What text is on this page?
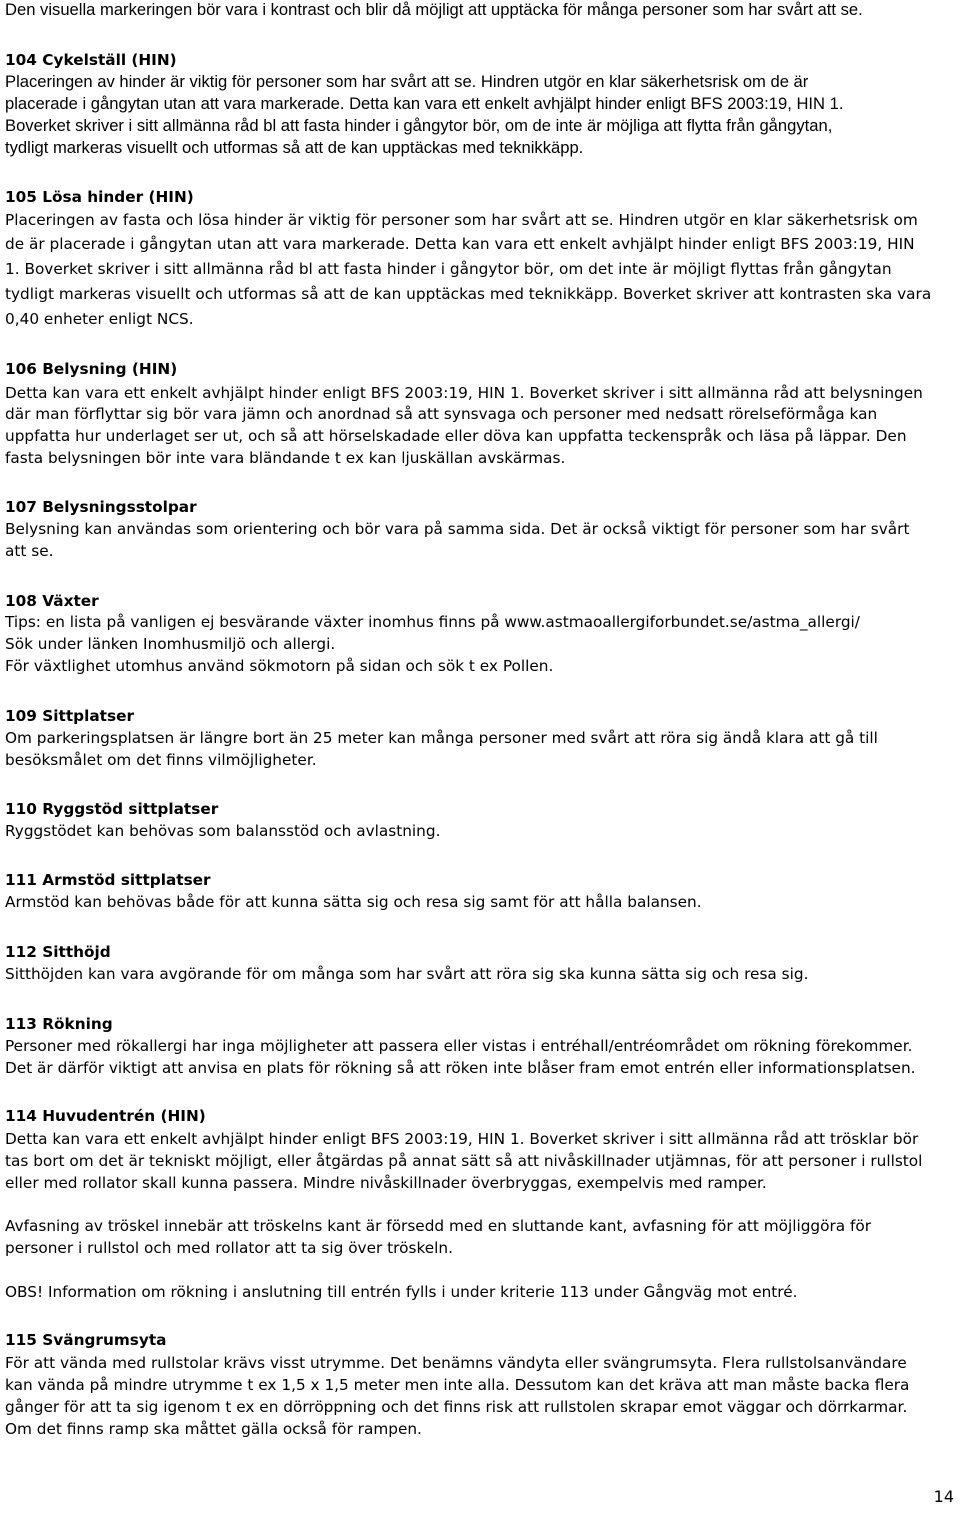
Den visuella markeringen bör vara i kontrast och blir då möjligt att upptäcka för många personer som har svårt att se.
104 Cykelställ (HIN)
Placeringen av hinder är viktig för personer som har svårt att se. Hindren utgör en klar säkerhetsrisk om de är
placerade i gångytan utan att vara markerade. Detta kan vara ett enkelt avhjälpt hinder enligt BFS 2003:19, HIN 1.
Boverket skriver i sitt allmänna råd bl att fasta hinder i gångytor bör, om de inte är möjliga att flytta från gångytan,
tydligt markeras visuellt och utformas så att de kan upptäckas med teknikkäpp.
105 Lösa hinder (HIN)
Placeringen av fasta och lösa hinder är viktig för personer som har svårt att se. Hindren utgör en klar säkerhetsrisk om
de är placerade i gångytan utan att vara markerade. Detta kan vara ett enkelt avhjälpt hinder enligt BFS 2003:19, HIN
1. Boverket skriver i sitt allmänna råd bl att fasta hinder i gångytor bör, om det inte är möjligt flyttas från gångytan
tydligt markeras visuellt och utformas så att de kan upptäckas med teknikkäpp. Boverket skriver att kontrasten ska vara
0,40 enheter enligt NCS.
106 Belysning (HIN)
Detta kan vara ett enkelt avhjälpt hinder enligt BFS 2003:19, HIN 1. Boverket skriver i sitt allmänna råd att belysningen
där man förflyttar sig bör vara jämn och anordnad så att synsvaga och personer med nedsatt rörelseförmåga kan
uppfatta hur underlaget ser ut, och så att hörselskadade eller döva kan uppfatta teckenspråk och läsa på läppar. Den
fasta belysningen bör inte vara bländande t ex kan ljuskällan avskärmas.
107 Belysningsstolpar
Belysning kan användas som orientering och bör vara på samma sida. Det är också viktigt för personer som har svårt
att se.
108 Växter
Tips: en lista på vanligen ej besvärande växter inomhus finns på www.astmaoallergiforbundet.se/astma_allergi/
Sök under länken Inomhusmiljö och allergi.
För växtlighet utomhus använd sökmotorn på sidan och sök t ex Pollen.
109 Sittplatser
Om parkeringsplatsen är längre bort än 25 meter kan många personer med svårt att röra sig ändå klara att gå till
besöksmålet om det finns vilmöjligheter.
110 Ryggstöd sittplatser
Ryggstödet kan behövas som balansstöd och avlastning.
111 Armstöd sittplatser
Armstöd kan behövas både för att kunna sätta sig och resa sig samt för att hålla balansen.
112 Sitthöjd
Sitthöjden kan vara avgörande för om många som har svårt att röra sig ska kunna sätta sig och resa sig.
113 Rökning
Personer med rökallergi har inga möjligheter att passera eller vistas i entréhall/entréområdet om rökning förekommer.
Det är därför viktigt att anvisa en plats för rökning så att röken inte blåser fram emot entrén eller informationsplatsen.
114 Huvudentrén (HIN)
Detta kan vara ett enkelt avhjälpt hinder enligt BFS 2003:19, HIN 1. Boverket skriver i sitt allmänna råd att trösklar bör
tas bort om det är tekniskt möjligt, eller åtgärdas på annat sätt så att nivåskillnader utjämnas, för att personer i rullstol
eller med rollator skall kunna passera. Mindre nivåskillnader överbryggas, exempelvis med ramper.
Avfasning av tröskel innebär att tröskelns kant är försedd med en sluttande kant, avfasning för att möjliggöra för
personer i rullstol och med rollator att ta sig över tröskeln.
OBS! Information om rökning i anslutning till entrén fylls i under kriterie 113 under Gångväg mot entré.
115 Svängrumsyta
För att vända med rullstolar krävs visst utrymme. Det benämns vändyta eller svängrumsyta. Flera rullstolsanvändare
kan vända på mindre utrymme t ex 1,5 x 1,5 meter men inte alla. Dessutom kan det kräva att man måste backa flera
gånger för att ta sig igenom t ex en dörröppning och det finns risk att rullstolen skrapar emot väggar och dörrkarmar.
Om det finns ramp ska måttet gälla också för rampen.
14
